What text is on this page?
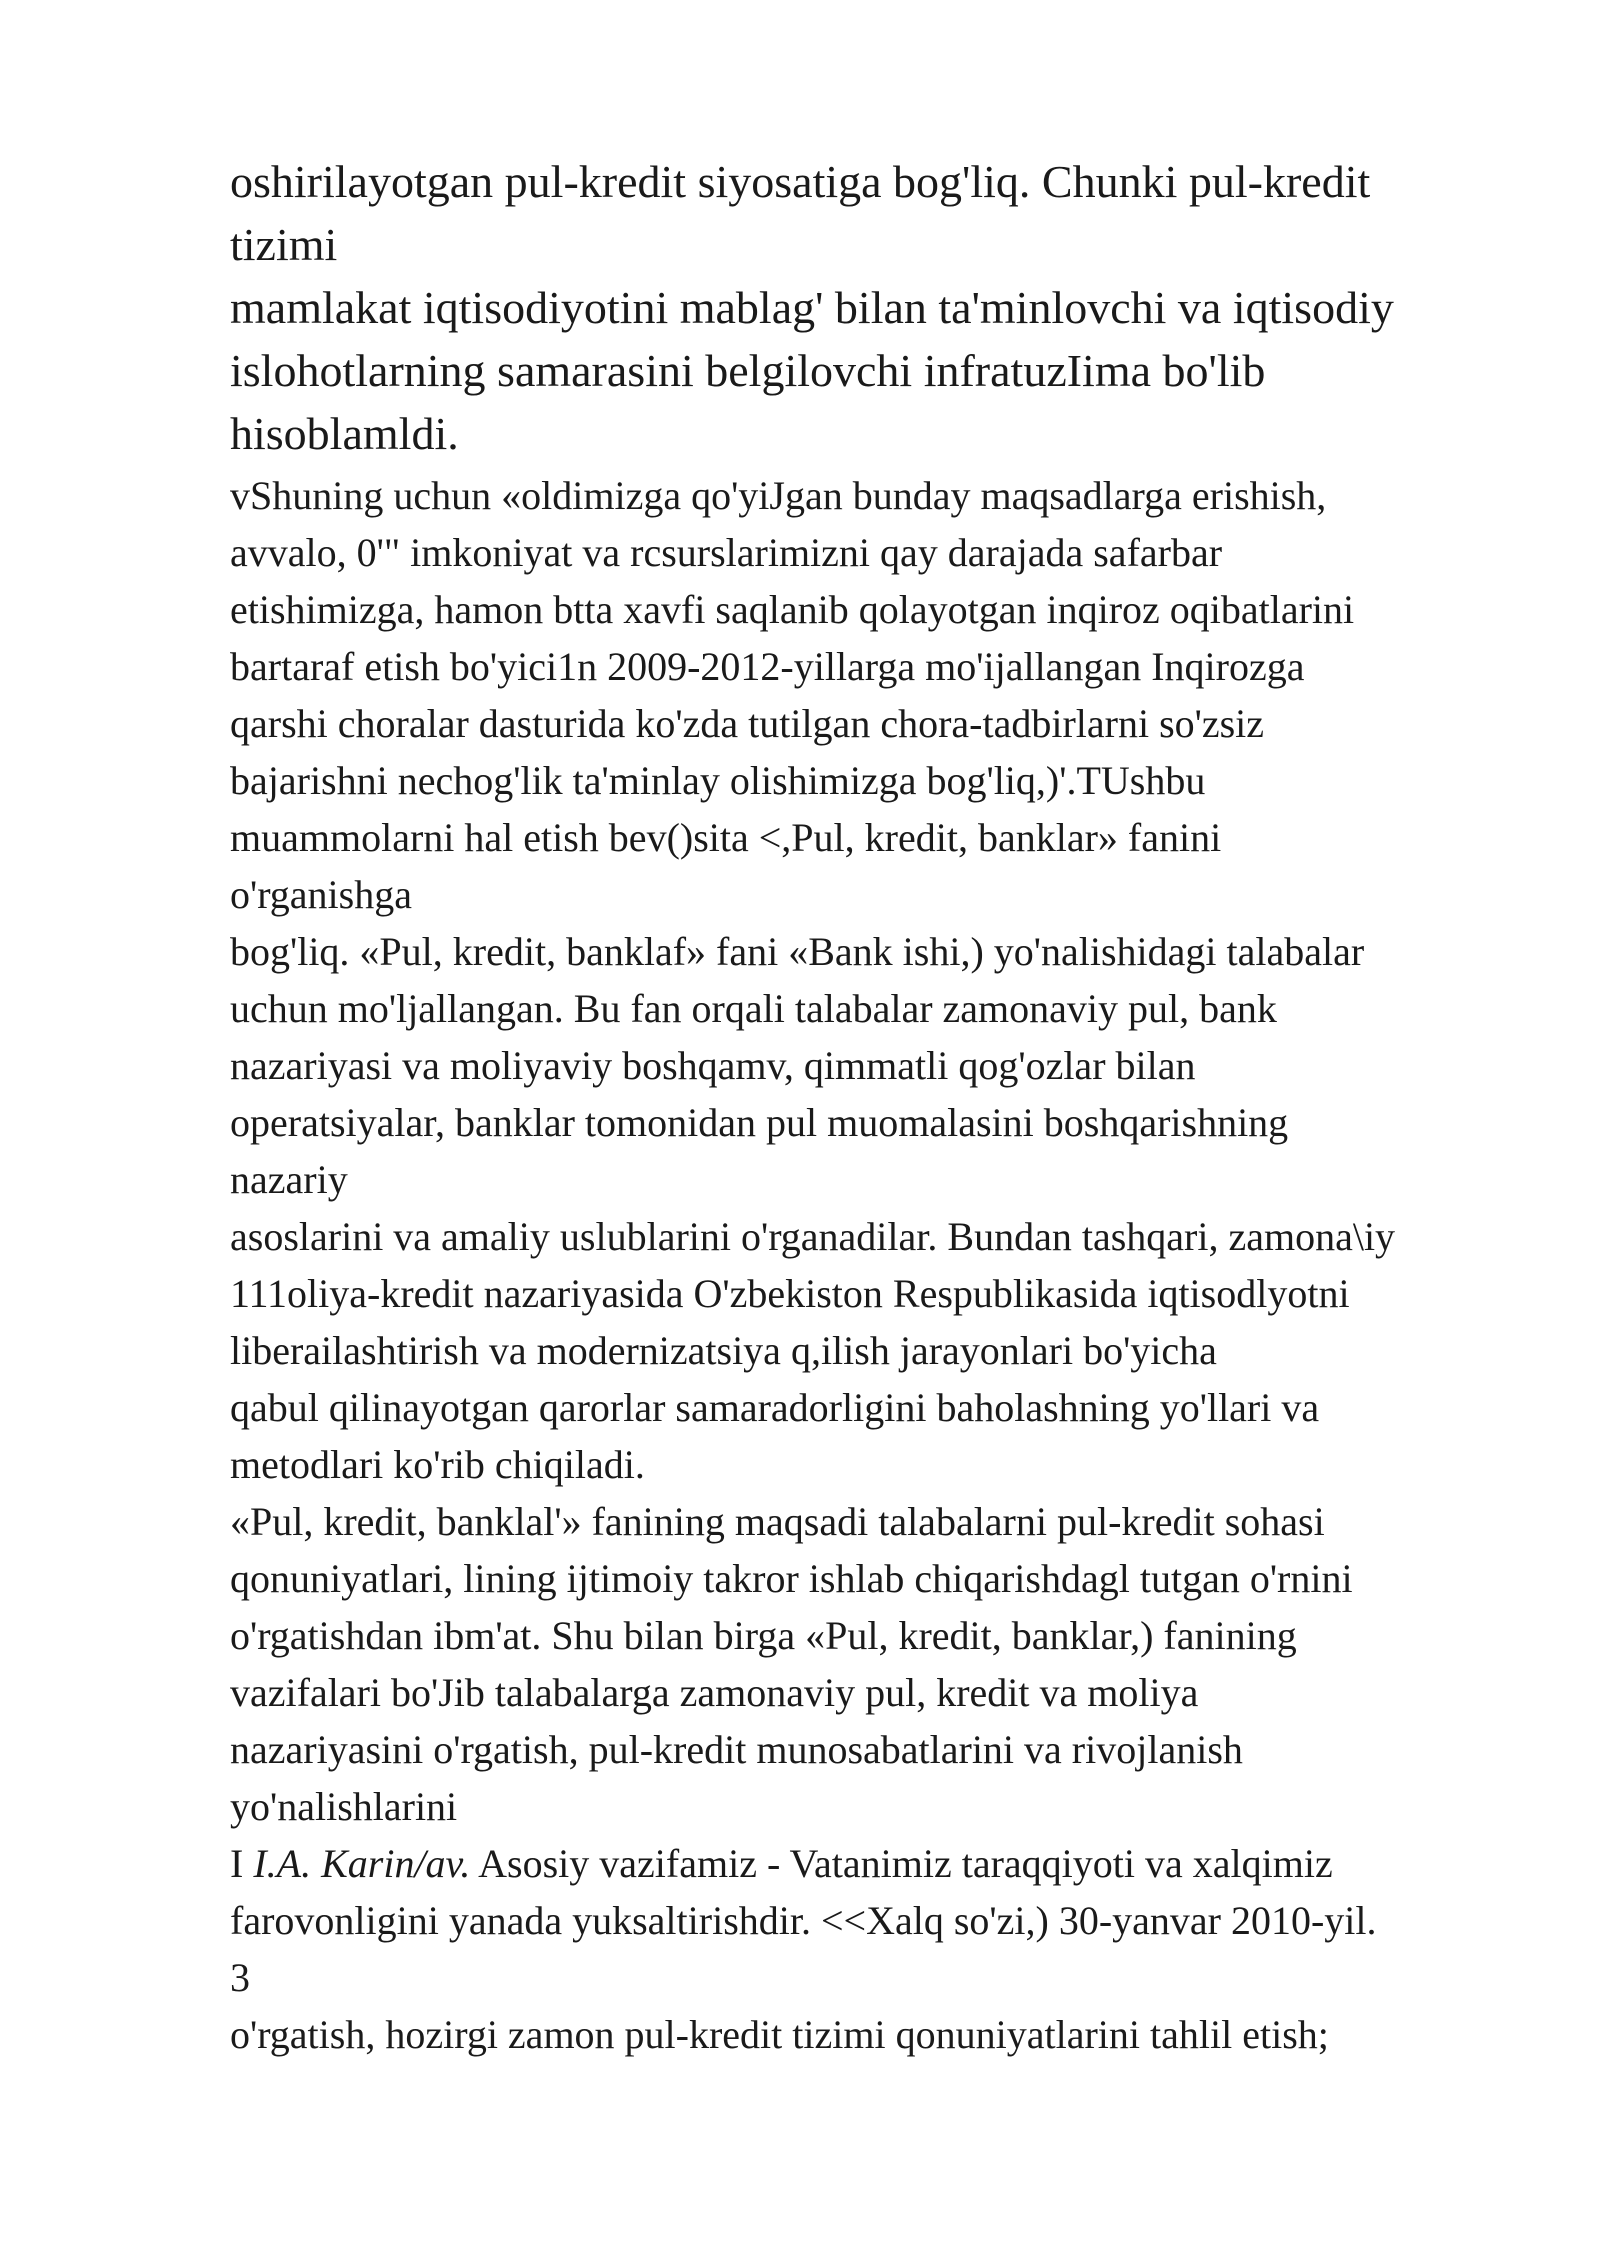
oshirilayotgan pul-kredit siyosatiga bog'liq. Chunki pul-kredit
tizimi
mamlakat iqtisodiyotini mablag' bilan ta'minlovchi va iqtisodiy
islohotlarning samarasini belgilovchi infratuzIima bo'lib
hisoblamldi.
vShuning uchun «oldimizga qo'yiJgan bunday maqsadlarga erishish,
avvalo, 0'" imkoniyat va rcsurslarimizni qay darajada safarbar
etishimizga, hamon btta xavfi saqlanib qolayotgan inqiroz oqibatlarini
bartaraf etish bo'yici1n 2009-2012-yillarga mo'ijallangan Inqirozga
qarshi choralar dasturida ko'zda tutilgan chora-tadbirlarni so'zsiz
bajarishni nechog'lik ta'minlay olishimizga bog'liq,)'.TUshbu
muammolarni hal etish bev()sita <,Pul, kredit, banklar» fanini
o'rganishga
bog'liq. «Pul, kredit, banklaf» fani «Bank ishi,) yo'nalishidagi talabalar
uchun mo'ljallangan. Bu fan orqali talabalar zamonaviy pul, bank
nazariyasi va moliyaviy boshqamv, qimmatli qog'ozlar bilan
operatsiyalar, banklar tomonidan pul muomalasini boshqarishning
nazariy
asoslarini va amaliy uslublarini o'rganadilar. Bundan tashqari, zamona\iy
111oliya-kredit nazariyasida O'zbekiston Respublikasida iqtisodlyotni
liberailashtirish va modernizatsiya q,ilish jarayonlari bo'yicha
qabul qilinayotgan qarorlar samaradorligini baholashning yo'llari va
metodlari ko'rib chiqiladi.
«Pul, kredit, banklal'» fanining maqsadi talabalarni pul-kredit sohasi
qonuniyatlari, lining ijtimoiy takror ishlab chiqarishdagl tutgan o'rnini
o'rgatishdan ibm'at. Shu bilan birga «Pul, kredit, banklar,) fanining
vazifalari bo'Jib talabalarga zamonaviy pul, kredit va moliya
nazariyasini o'rgatish, pul-kredit munosabatlarini va rivojlanish
yo'nalishlarini
I I.A. Karin/av. Asosiy vazifamiz - Vatanimiz taraqqiyoti va xalqimiz
farovonligini yanada yuksaltirishdir. <<Xalq so'zi,) 30-yanvar 2010-yil.
3
o'rgatish, hozirgi zamon pul-kredit tizimi qonuniyatlarini tahlil etish;
